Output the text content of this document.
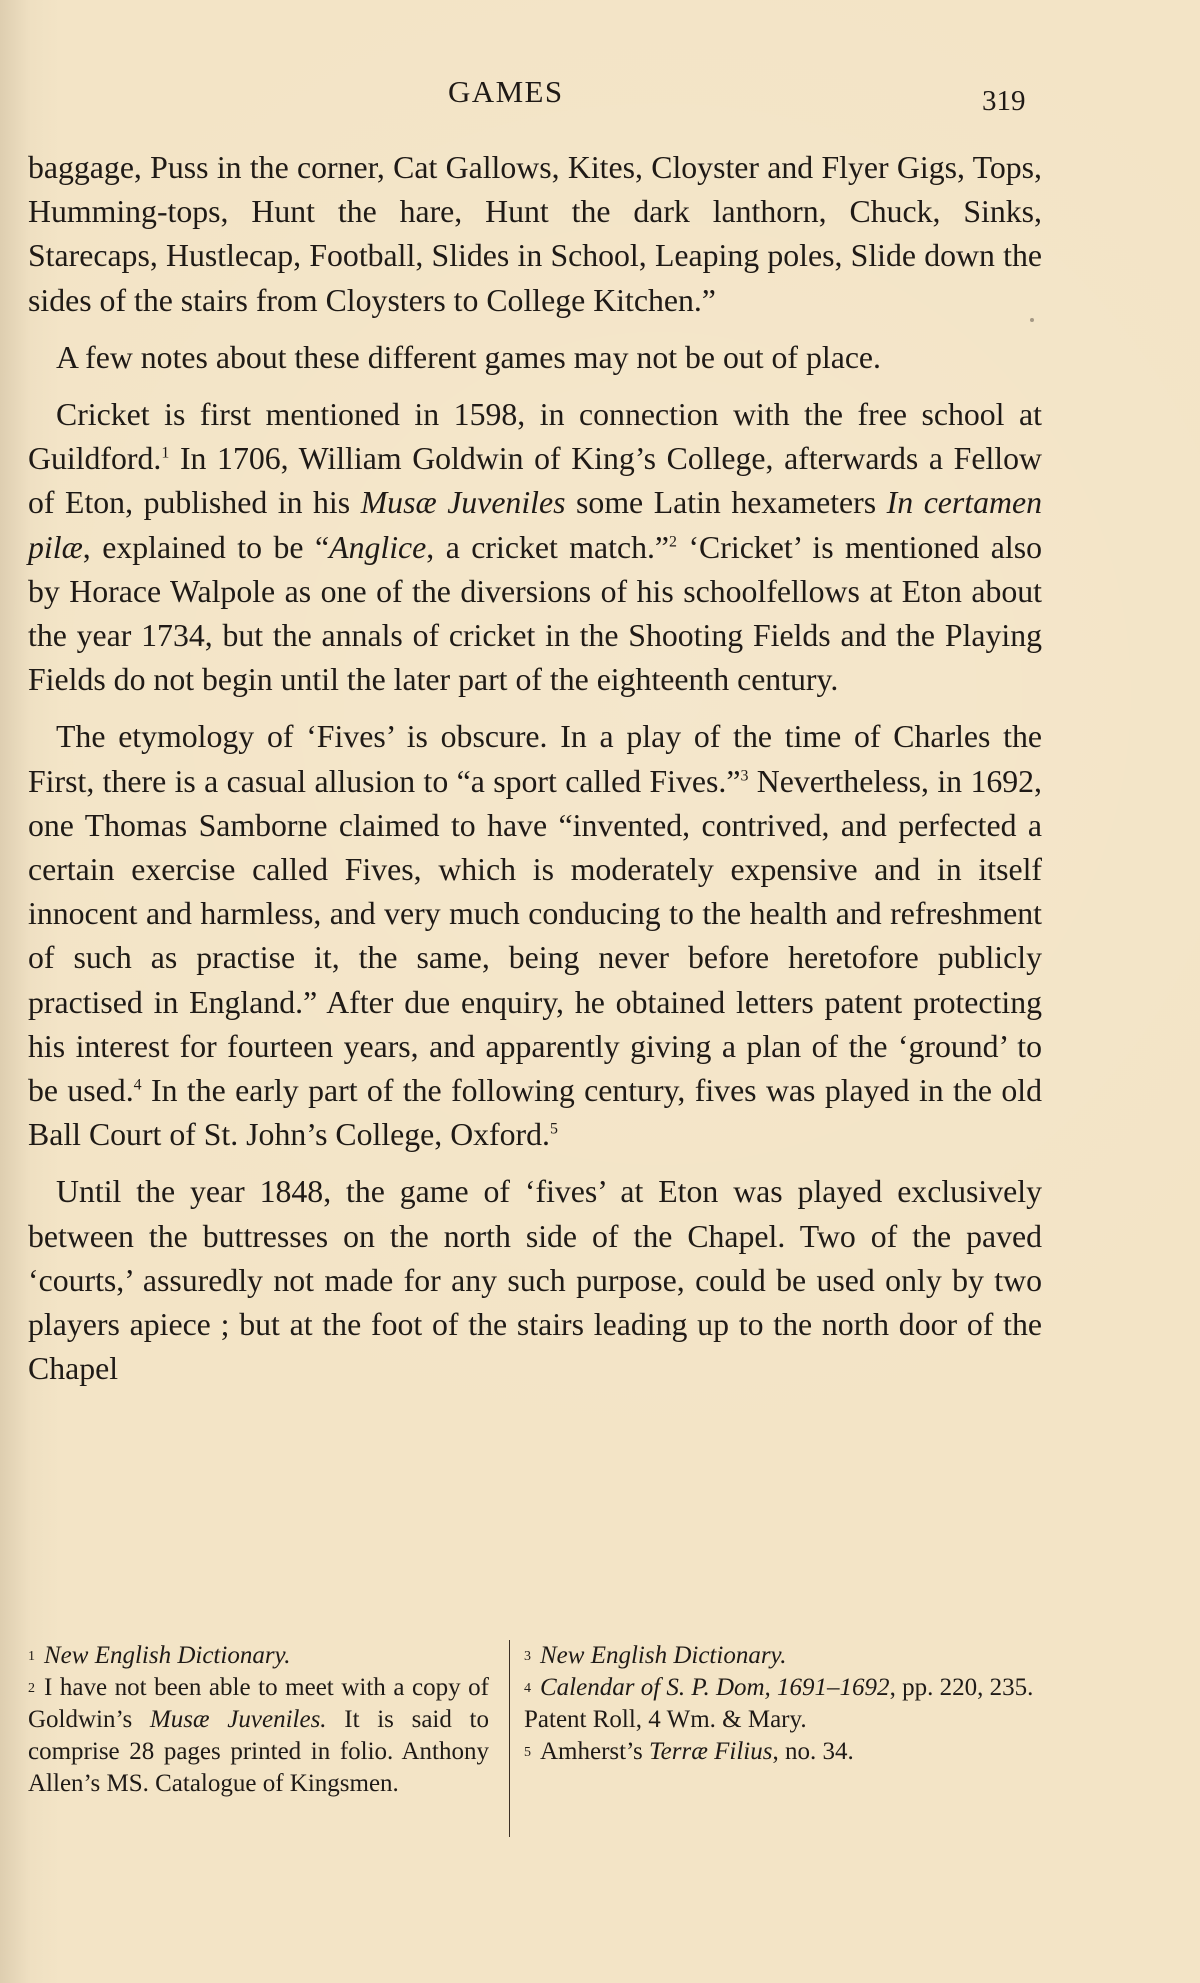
GAMES	319

baggage, Puss in the corner, Cat Gallows, Kites, Cloyster and Flyer Gigs, Tops, Humming-tops, Hunt the hare, Hunt the dark lanthorn, Chuck, Sinks, Starecaps, Hustlecap, Football, Slides in School, Leaping poles, Slide down the sides of the stairs from Cloysters to College Kitchen.”

A few notes about these different games may not be out of place.

Cricket is first mentioned in 1598, in connection with the free school at Guildford.$^1$ In 1706, William Goldwin of King’s College, afterwards a Fellow of Eton, published in his Musæ Juveniles some Latin hexameters In certamen pilæ, explained to be “Anglice, a cricket match.”$^2$ ‘Cricket’ is mentioned also by Horace Walpole as one of the diversions of his schoolfellows at Eton about the year 1734, but the annals of cricket in the Shooting Fields and the Playing Fields do not begin until the later part of the eighteenth century.

The etymology of ‘Fives’ is obscure. In a play of the time of Charles the First, there is a casual allusion to “a sport called Fives.”$^3$ Nevertheless, in 1692, one Thomas Samborne claimed to have “invented, contrived, and perfected a certain exercise called Fives, which is moderately expensive and in itself innocent and harmless, and very much conducing to the health and refreshment of such as practise it, the same, being never before heretofore publicly practised in England.” After due enquiry, he obtained letters patent protecting his interest for fourteen years, and apparently giving a plan of the ‘ground’ to be used.$^4$ In the early part of the following century, fives was played in the old Ball Court of St. John’s College, Oxford.$^5$

Until the year 1848, the game of ‘fives’ at Eton was played exclusively between the buttresses on the north side of the Chapel. Two of the paved ‘courts,’ assuredly not made for any such purpose, could be used only by two players apiece ; but at the foot of the stairs leading up to the north door of the Chapel

1 New English Dictionary.

2 I have not been able to meet with a copy of Goldwin’s Musæ Juveniles. It is said to comprise 28 pages printed in folio. Anthony Allen’s MS. Catalogue of Kingsmen.

3 New English Dictionary.

4 Calendar of S. P. Dom, 1691–1692, pp. 220, 235. Patent Roll, 4 Wm. & Mary.

5 Amherst’s Terræ Filius, no. 34.
